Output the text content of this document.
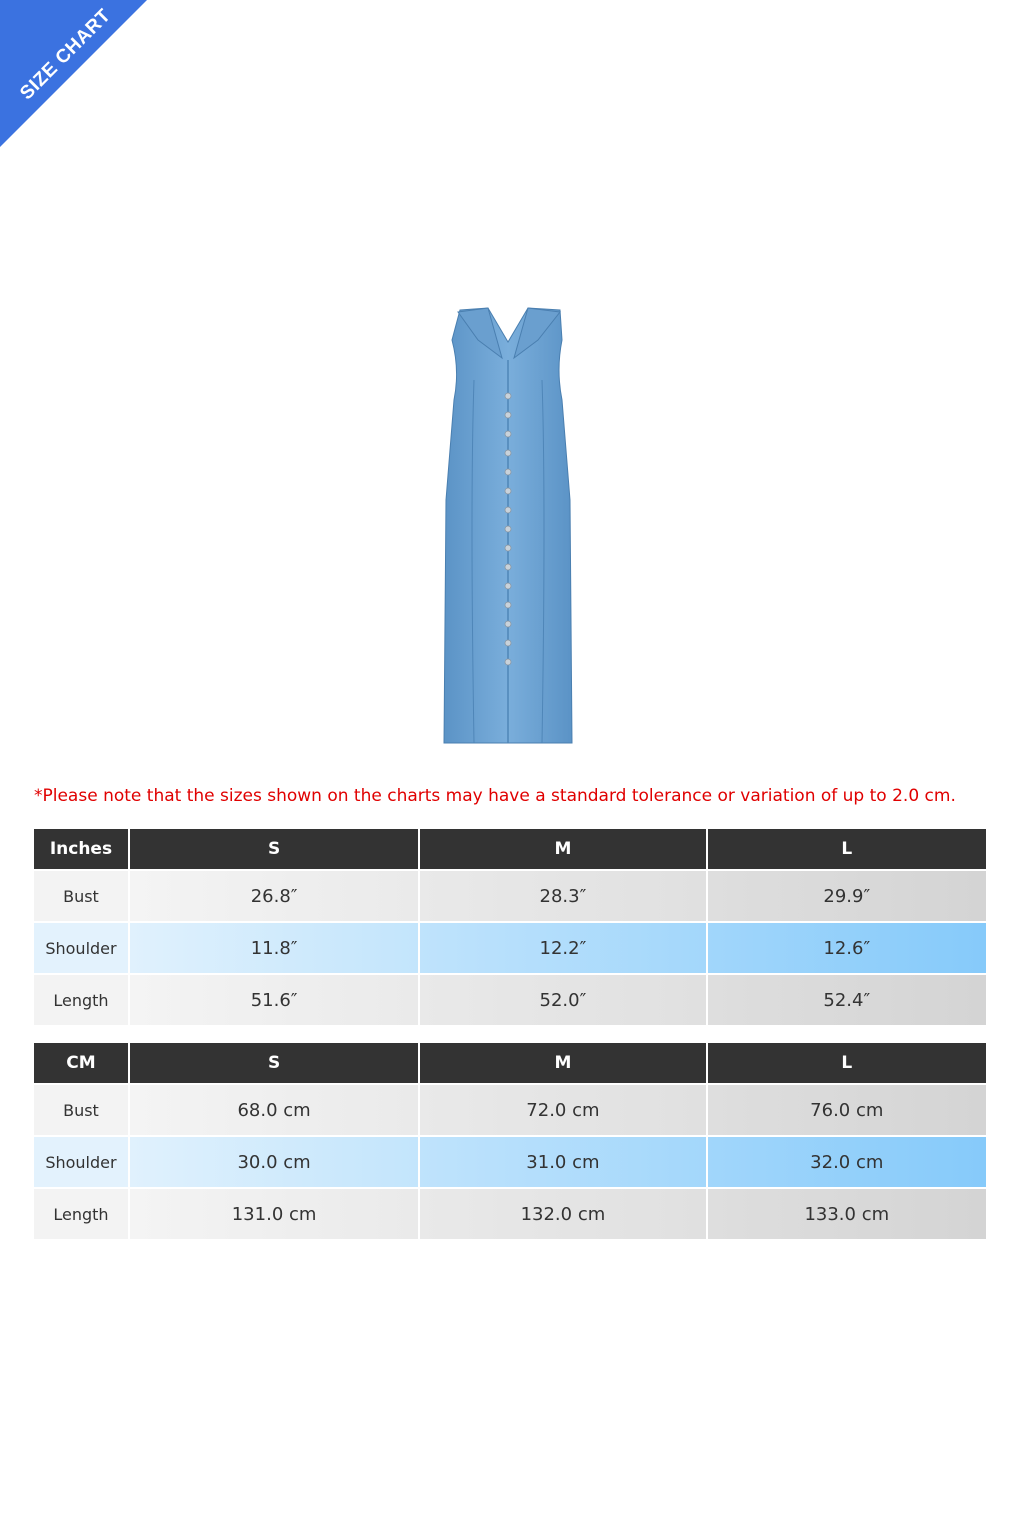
SIZE CHART
*Please note that the sizes shown on the charts may have a standard tolerance or variation of up to 2.0 cm.
Inches	S	M	L
Bust	26.8″	28.3″	29.9″
Shoulder	11.8″	12.2″	12.6″
Length	51.6″	52.0″	52.4″
CM	S	M	L
Bust	68.0 cm	72.0 cm	76.0 cm
Shoulder	30.0 cm	31.0 cm	32.0 cm
Length	131.0 cm	132.0 cm	133.0 cm
